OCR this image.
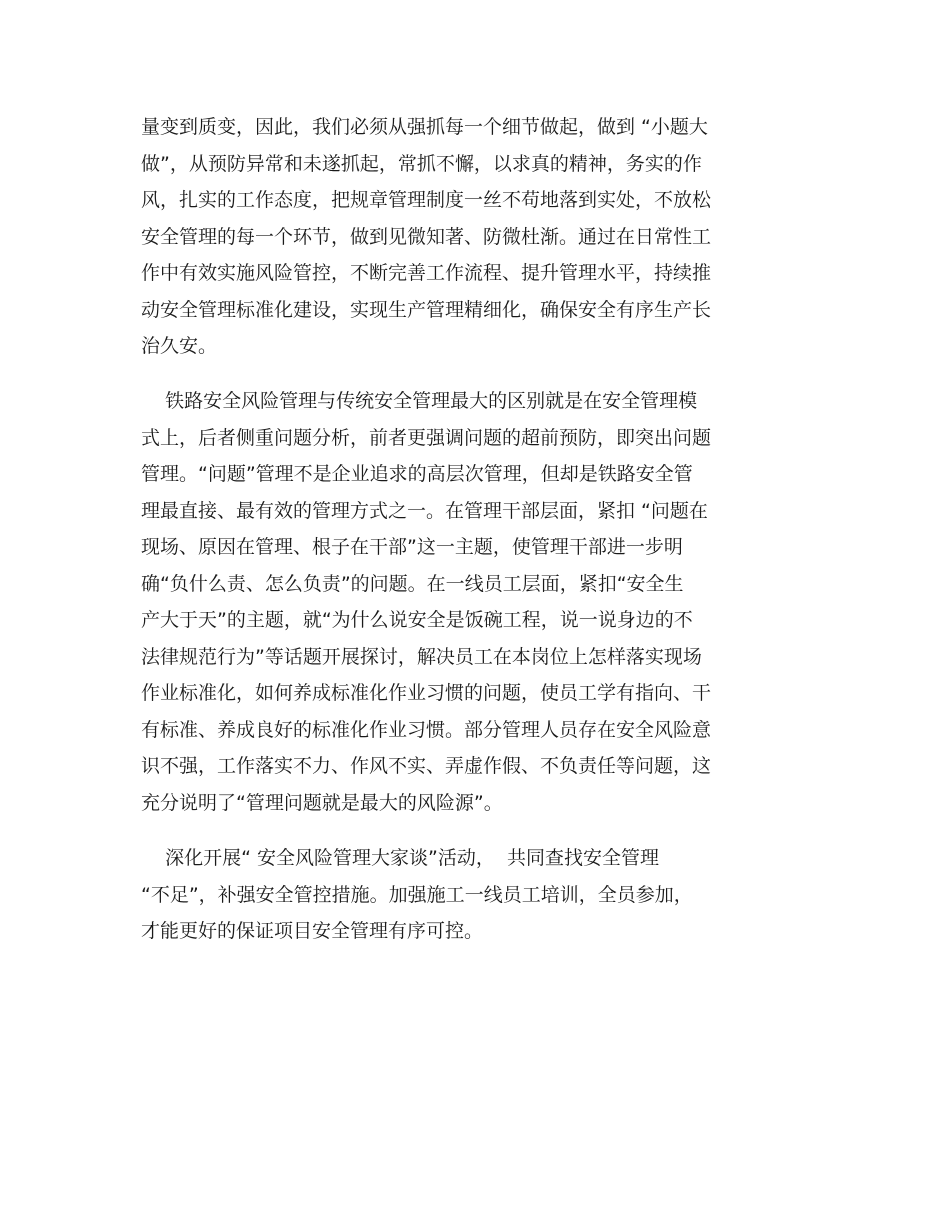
量变到质变，因此，我们必须从强抓每一个细节做起，做到 “小题大
做”，从预防异常和未遂抓起，常抓不懈，以求真的精神，务实的作
风，扎实的工作态度，把规章管理制度一丝不苟地落到实处，不放松
安全管理的每一个环节，做到见微知著、防微杜渐。通过在日常性工
作中有效实施风险管控，不断完善工作流程、提升管理水平，持续推
动安全管理标准化建设，实现生产管理精细化，确保安全有序生产长
治久安。
铁路安全风险管理与传统安全管理最大的区别就是在安全管理模
式上，后者侧重问题分析，前者更强调问题的超前预防，即突出问题
管理。“问题”管理不是企业追求的高层次管理，但却是铁路安全管
理最直接、最有效的管理方式之一。在管理干部层面，紧扣 “问题在
现场、原因在管理、根子在干部”这一主题，使管理干部进一步明
确“负什么责、怎么负责”的问题。在一线员工层面，紧扣“安全生
产大于天”的主题，就“为什么说安全是饭碗工程，说一说身边的不
法律规范行为”等话题开展探讨，解决员工在本岗位上怎样落实现场
作业标准化，如何养成标准化作业习惯的问题，使员工学有指向、干
有标准、养成良好的标准化作业习惯。部分管理人员存在安全风险意
识不强，工作落实不力、作风不实、弄虚作假、不负责任等问题，这
充分说明了“管理问题就是最大的风险源”。
深化开展“ 安全风险管理大家谈”活动，  共同查找安全管理
“不足”，补强安全管控措施。加强施工一线员工培训，全员参加，
才能更好的保证项目安全管理有序可控。
